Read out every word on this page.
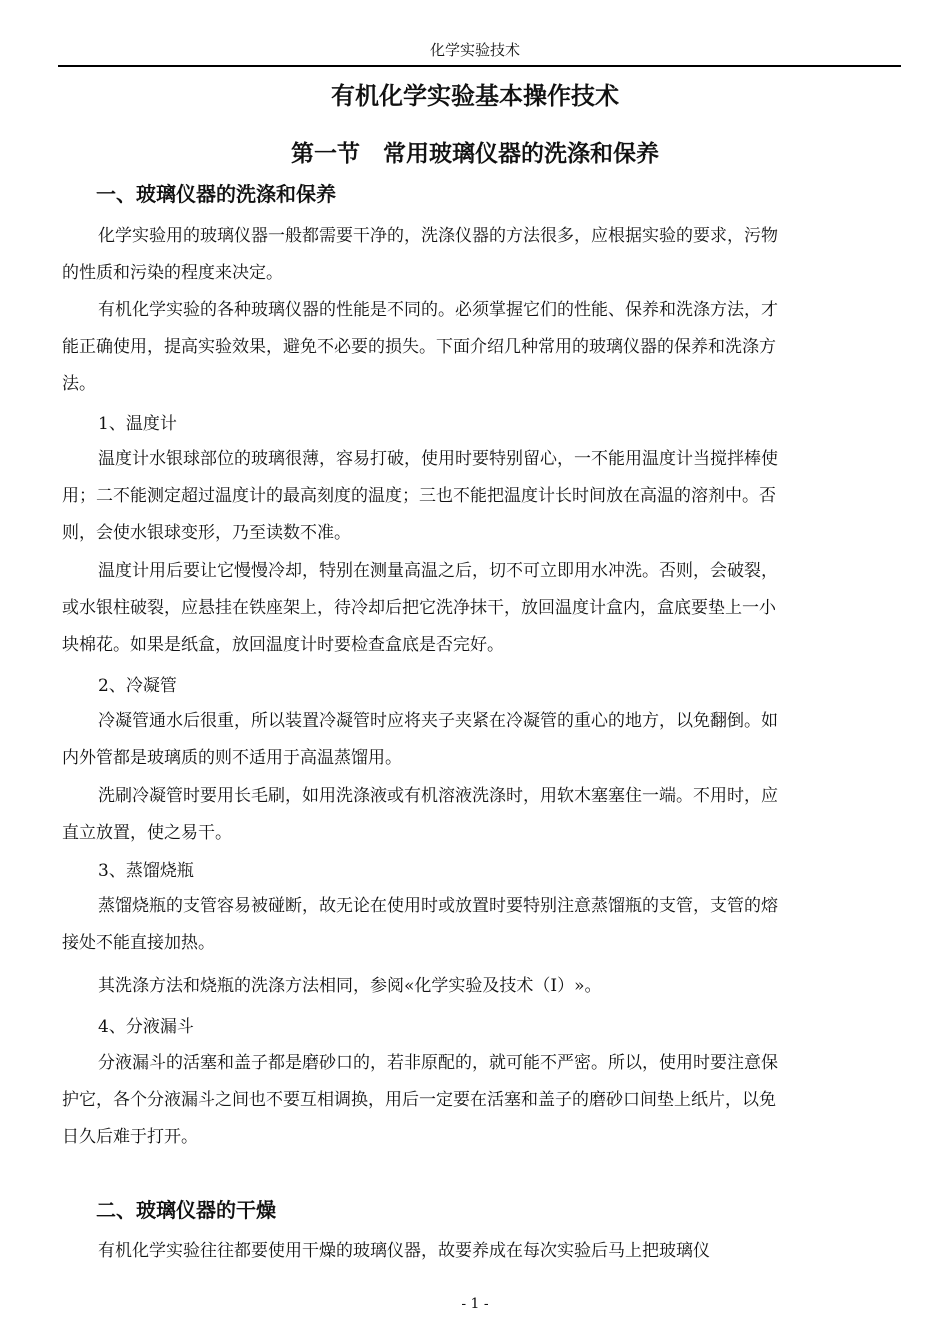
化学实验技术
有机化学实验基本操作技术
第一节　常用玻璃仪器的洗涤和保养
一、玻璃仪器的洗涤和保养

化学实验用的玻璃仪器一般都需要干净的，洗涤仪器的方法很多，应根据实验的要求，污物的性质和污染的程度来决定。

有机化学实验的各种玻璃仪器的性能是不同的。必须掌握它们的性能、保养和洗涤方法，才能正确使用，提高实验效果，避免不必要的损失。下面介绍几种常用的玻璃仪器的保养和洗涤方法。

1、温度计

温度计水银球部位的玻璃很薄，容易打破，使用时要特别留心，一不能用温度计当搅拌棒使用；二不能测定超过温度计的最高刻度的温度；三也不能把温度计长时间放在高温的溶剂中。否则，会使水银球变形，乃至读数不准。

温度计用后要让它慢慢冷却，特别在测量高温之后，切不可立即用水冲洗。否则，会破裂，或水银柱破裂，应悬挂在铁座架上，待冷却后把它洗净抹干，放回温度计盒内，盒底要垫上一小块棉花。如果是纸盒，放回温度计时要检查盒底是否完好。

2、冷凝管

冷凝管通水后很重，所以装置冷凝管时应将夹子夹紧在冷凝管的重心的地方，以免翻倒。如内外管都是玻璃质的则不适用于高温蒸馏用。

洗刷冷凝管时要用长毛刷，如用洗涤液或有机溶液洗涤时，用软木塞塞住一端。不用时，应直立放置，使之易干。

3、蒸馏烧瓶

蒸馏烧瓶的支管容易被碰断，故无论在使用时或放置时要特别注意蒸馏瓶的支管，支管的熔接处不能直接加热。

其洗涤方法和烧瓶的洗涤方法相同，参阅«化学实验及技术（Ⅰ）»。

4、分液漏斗

分液漏斗的活塞和盖子都是磨砂口的，若非原配的，就可能不严密。所以，使用时要注意保护它，各个分液漏斗之间也不要互相调换，用后一定要在活塞和盖子的磨砂口间垫上纸片，以免日久后难于打开。

二、玻璃仪器的干燥

有机化学实验往往都要使用干燥的玻璃仪器，故要养成在每次实验后马上把玻璃仪

- 1 -
